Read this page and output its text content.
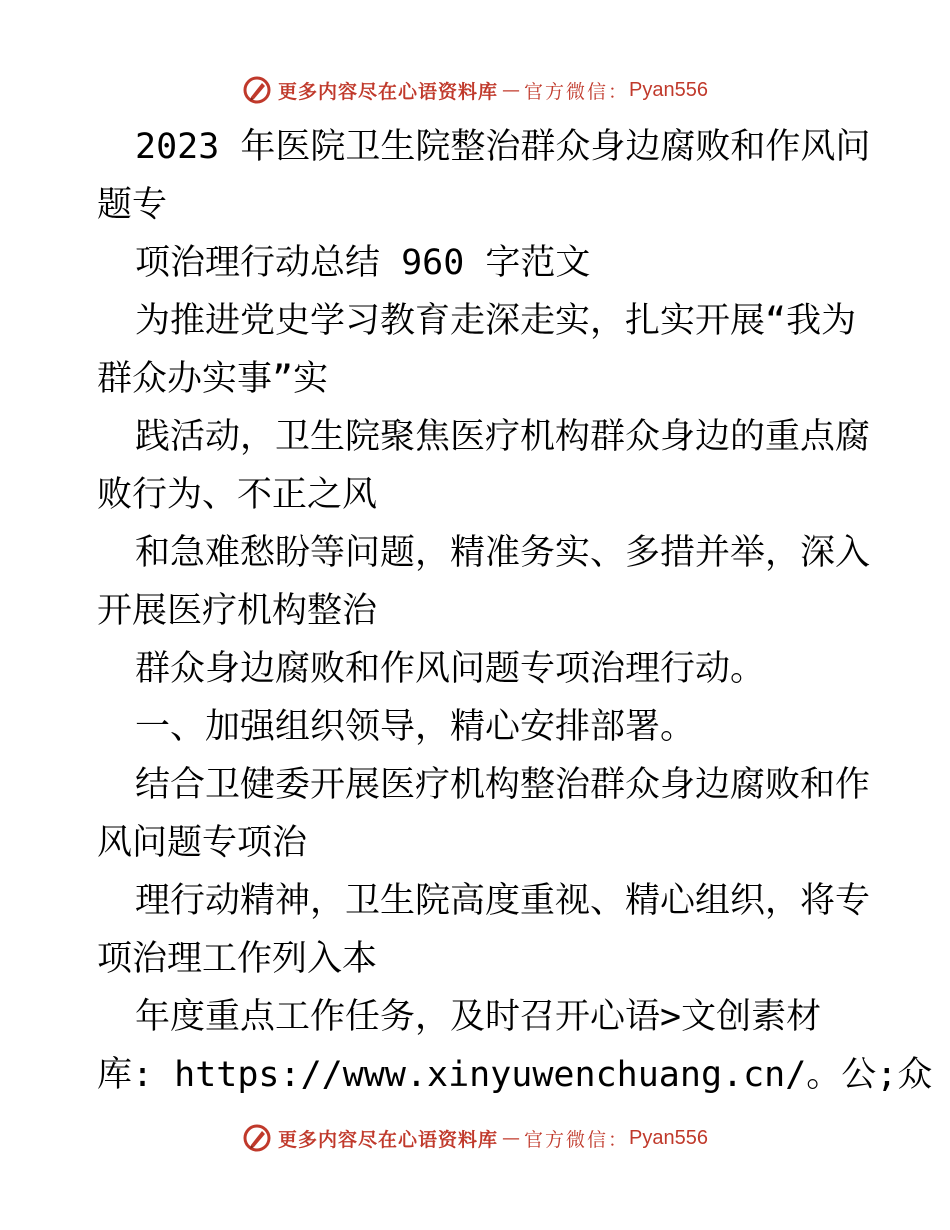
更多内容尽在心语资料库 — 官方微信： Pyan556
2023 年医院卫生院整治群众身边腐败和作风问
题专
项治理行动总结 960 字范文
为推进党史学习教育走深走实，扎实开展“我为
群众办实事”实
践活动，卫生院聚焦医疗机构群众身边的重点腐
败行为、不正之风
和急难愁盼等问题，精准务实、多措并举，深入
开展医疗机构整治
群众身边腐败和作风问题专项治理行动。
一、加强组织领导，精心安排部署。
结合卫健委开展医疗机构整治群众身边腐败和作
风问题专项治
理行动精神，卫生院高度重视、精心组织，将专
项治理工作列入本
年度重点工作任务，及时召开心语>文创素材
库: https://www.xinyuwenchuang.cn/。公;众
更多内容尽在心语资料库 — 官方微信： Pyan556
